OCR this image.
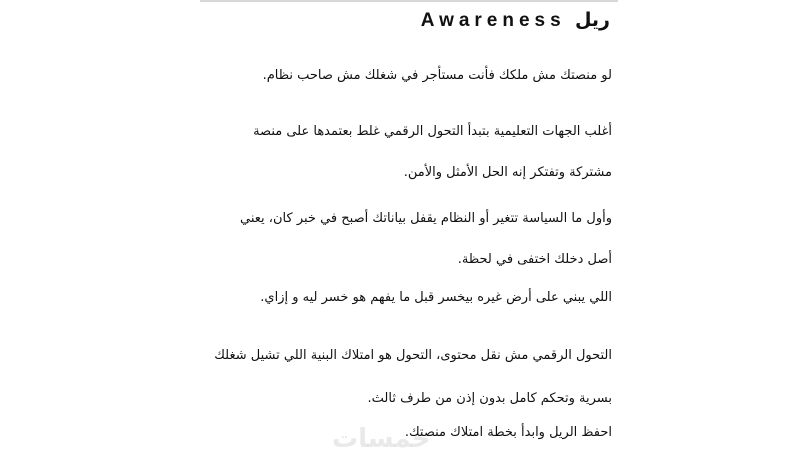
ريل Awareness

لو منصتك مش ملكك فأنت مستأجر في شغلك مش صاحب نظام.

أغلب الجهات التعليمية بتبدأ التحول الرقمي غلط بعتمدها على منصة
مشتركة وتفتكر إنه الحل الأمثل والأمن.

وأول ما السياسة تتغير أو النظام يقفل بياناتك أصبح في خبر كان، يعني
أصل دخلك اختفى في لحظة.

اللي يبني على أرض غيره بيخسر قبل ما يفهم هو خسر ليه و إزاي.

التحول الرقمي مش نقل محتوى، التحول هو امتلاك البنية اللي تشيل شغلك
بسرية وتحكم كامل بدون إذن من طرف ثالث.

احفظ الريل وابدأ بخطة امتلاك منصتك.
